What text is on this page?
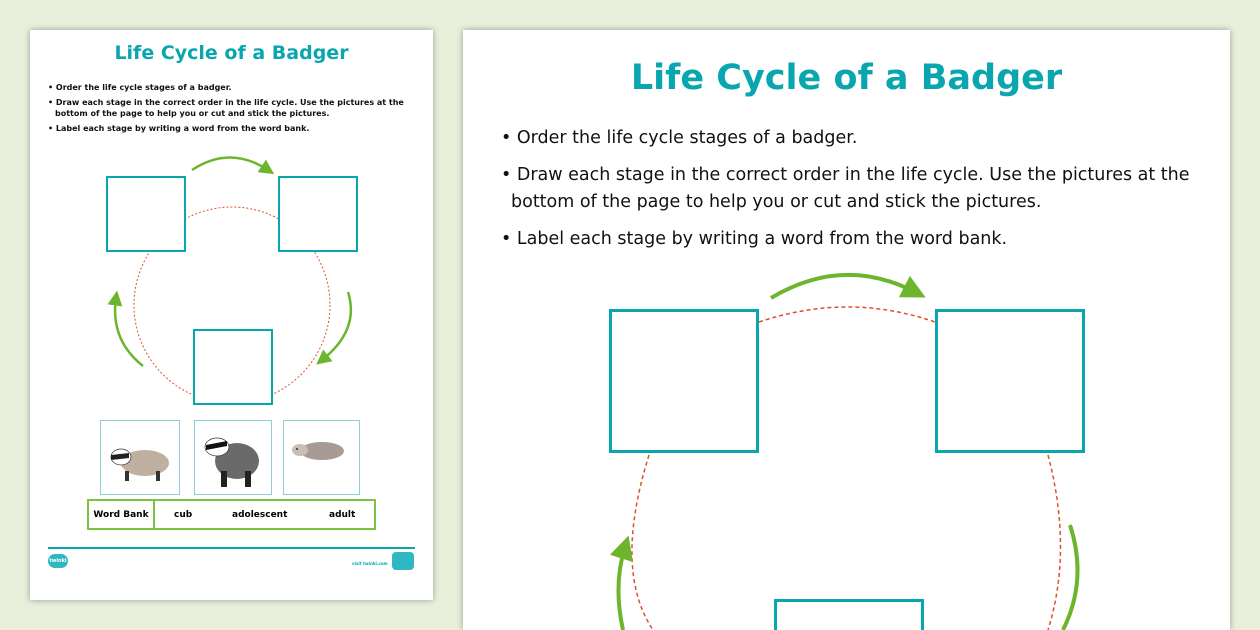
Life Cycle of a Badger
• Order the life cycle stages of a badger.
• Draw each stage in the correct order in the life cycle. Use the pictures at the bottom of the page to help you or cut and stick the pictures.
• Label each stage by writing a word from the word bank.
Word Bank	cub	adolescent	adult
twinkl	visit twinkl.com
Life Cycle of a Badger
• Order the life cycle stages of a badger.
• Draw each stage in the correct order in the life cycle. Use the pictures at the bottom of the page to help you or cut and stick the pictures.
• Label each stage by writing a word from the word bank.
